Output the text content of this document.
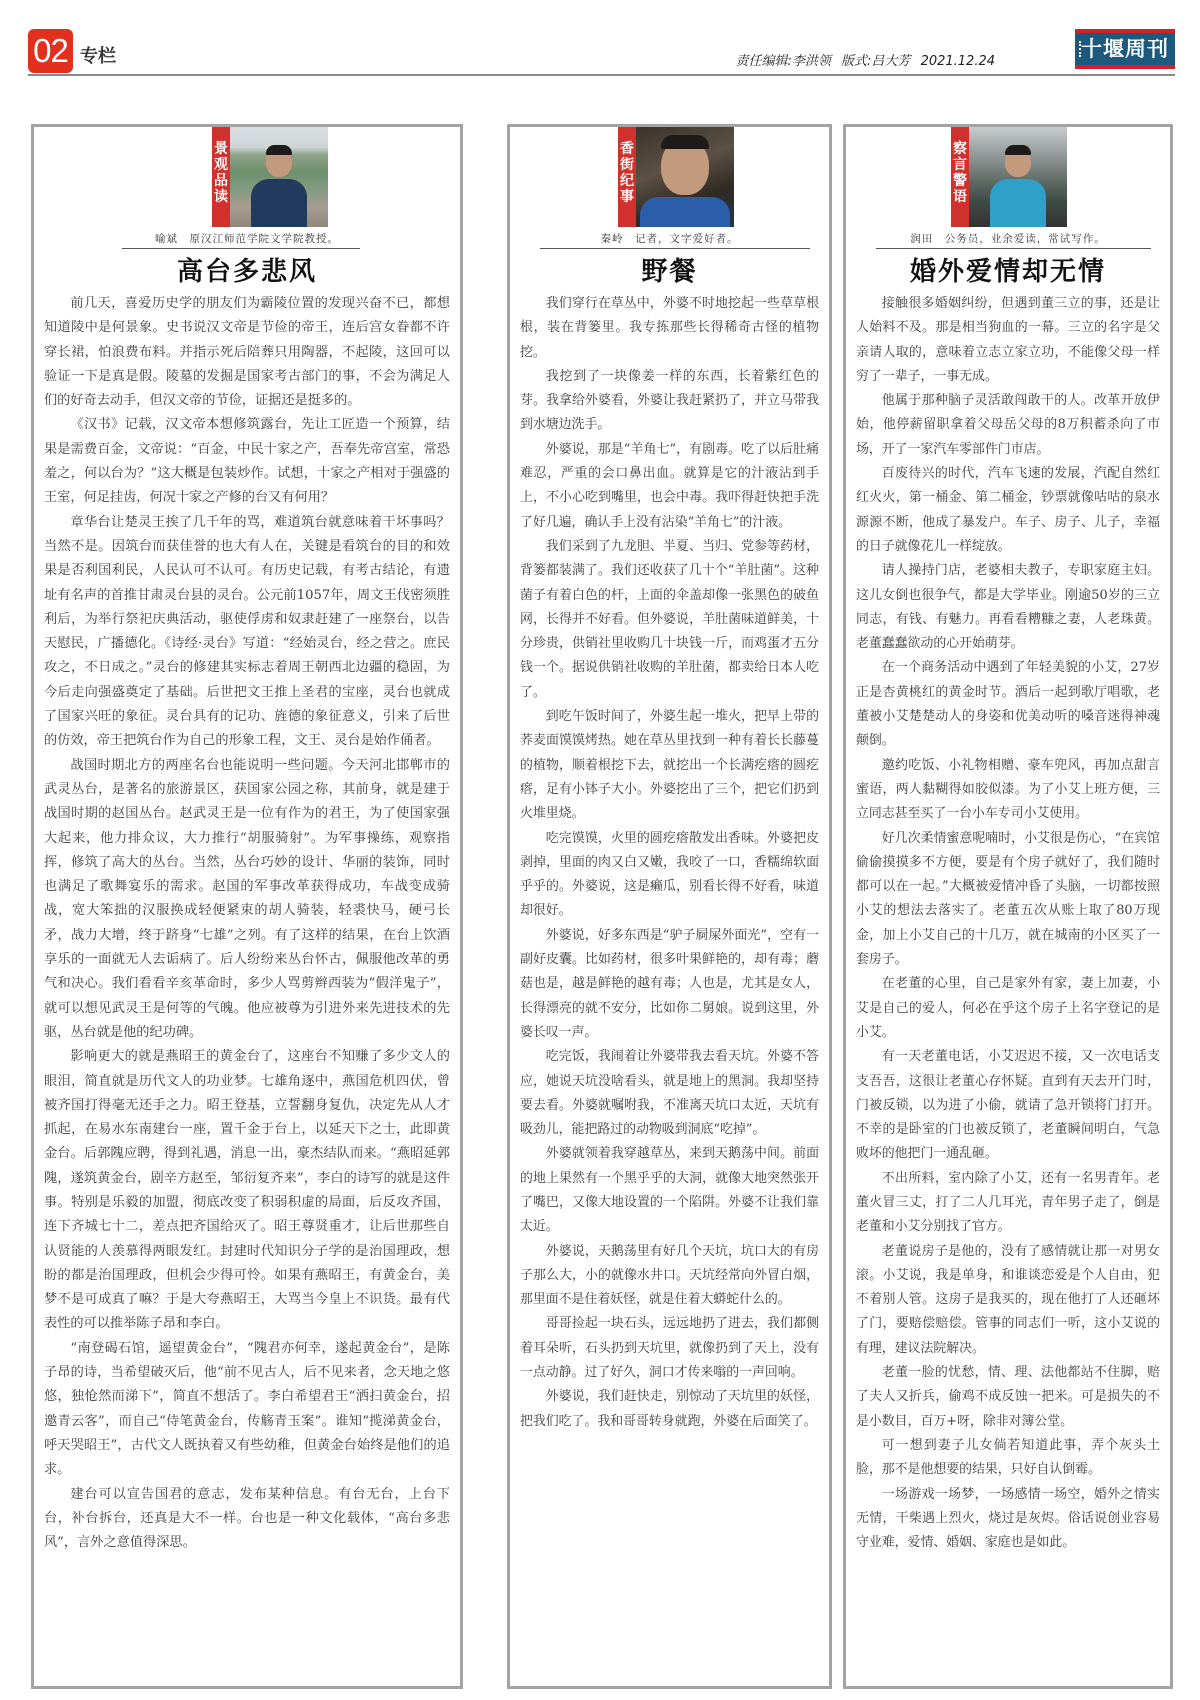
02 专栏	责任编辑:李洪领 版式:吕大芳 2021.12.24
十堰周刊
景观品读
喻斌　原汉江师范学院文学院教授。
高台多悲风

前几天，喜爱历史学的朋友们为霸陵位置的发现兴奋不已，都想知道陵中是何景象。史书说汉文帝是节俭的帝王，连后宫女眷都不许穿长裙，怕浪费布料。并指示死后陪葬只用陶器，不起陵，这回可以验证一下是真是假。陵墓的发掘是国家考古部门的事，不会为满足人们的好奇去动手，但汉文帝的节俭，证据还是挺多的。

《汉书》记载，汉文帝本想修筑露台，先让工匠造一个预算，结果是需费百金，文帝说：“百金，中民十家之产，吾奉先帝宫室，常恐羞之，何以台为？”这大概是包装炒作。试想，十家之产相对于强盛的王室，何足挂齿，何况十家之产修的台又有何用？

章华台让楚灵王挨了几千年的骂，难道筑台就意味着干坏事吗？当然不是。因筑台而获佳誉的也大有人在，关键是看筑台的目的和效果是否利国利民，人民认可不认可。有历史记载，有考古结论，有遗址有名声的首推甘肃灵台县的灵台。公元前1057年，周文王伐密须胜利后，为举行祭祀庆典活动，驱使俘虏和奴隶赶建了一座祭台，以告天慰民，广播德化。《诗经·灵台》写道：“经始灵台，经之营之。庶民攻之，不日成之。”灵台的修建其实标志着周王朝西北边疆的稳固，为今后走向强盛奠定了基础。后世把文王推上圣君的宝座，灵台也就成了国家兴旺的象征。灵台具有的记功、旌德的象征意义，引来了后世的仿效，帝王把筑台作为自己的形象工程，文王、灵台是始作俑者。

战国时期北方的两座名台也能说明一些问题。今天河北邯郸市的武灵丛台，是著名的旅游景区，获国家公园之称，其前身，就是建于战国时期的赵国丛台。赵武灵王是一位有作为的君王，为了使国家强大起来，他力排众议，大力推行“胡服骑射”。为军事操练，观察指挥，修筑了高大的丛台。当然，丛台巧妙的设计、华丽的装饰，同时也满足了歌舞宴乐的需求。赵国的军事改革获得成功，车战变成骑战，宽大笨拙的汉服换成轻便紧束的胡人骑装，轻裘快马，硬弓长矛，战力大增，终于跻身“七雄”之列。有了这样的结果，在台上饮酒享乐的一面就无人去诟病了。后人纷纷来丛台怀古，佩服他改革的勇气和决心。我们看看辛亥革命时，多少人骂剪辫西装为“假洋鬼子”，就可以想见武灵王是何等的气魄。他应被尊为引进外来先进技术的先驱，丛台就是他的纪功碑。

影响更大的就是燕昭王的黄金台了，这座台不知赚了多少文人的眼泪，简直就是历代文人的功业梦。七雄角逐中，燕国危机四伏，曾被齐国打得毫无还手之力。昭王登基，立誓翻身复仇，决定先从人才抓起，在易水东南建台一座，置千金于台上，以延天下之士，此即黄金台。后郭隗应聘，得到礼遇，消息一出，豪杰结队而来。“燕昭延郭隗，遂筑黄金台，剧辛方赵至，邹衍复齐来”，李白的诗写的就是这件事。特别是乐毅的加盟，彻底改变了积弱积虚的局面，后反攻齐国，连下齐城七十二，差点把齐国给灭了。昭王尊贤重才，让后世那些自认贤能的人羡慕得两眼发红。封建时代知识分子学的是治国理政，想盼的都是治国理政，但机会少得可怜。如果有燕昭王，有黄金台，美梦不是可成真了嘛？于是大夸燕昭王，大骂当今皇上不识货。最有代表性的可以推举陈子昂和李白。

“南登碣石馆，遥望黄金台”，“隗君亦何幸，遂起黄金台”，是陈子昂的诗，当希望破灭后，他“前不见古人，后不见来者，念天地之悠悠，独怆然而涕下”，简直不想活了。李白希望君王“洒扫黄金台，招邀青云客”，而自己“侍笔黄金台，传觞青玉案”。谁知“揽涕黄金台，呼天哭昭王”，古代文人既执着又有些幼稚，但黄金台始终是他们的追求。

建台可以宣告国君的意志，发布某种信息。有台无台，上台下台，补台拆台，还真是大不一样。台也是一种文化载体，“高台多悲风”，言外之意值得深思。

香街纪事
秦岭　记者，文字爱好者。
野餐

我们穿行在草丛中，外婆不时地挖起一些草草根根，装在背篓里。我专拣那些长得稀奇古怪的植物挖。

我挖到了一块像姜一样的东西，长着紫红色的芽。我拿给外婆看，外婆让我赶紧扔了，并立马带我到水塘边洗手。

外婆说，那是“羊角七”，有剧毒。吃了以后肚痛难忍，严重的会口鼻出血。就算是它的汁液沾到手上，不小心吃到嘴里，也会中毒。我吓得赶快把手洗了好几遍，确认手上没有沾染“羊角七”的汁液。

我们采到了九龙胆、半夏、当归、党参等药材，背篓都装满了。我们还收获了几十个“羊肚菌”。这种菌子有着白色的杆，上面的伞盖却像一张黑色的破鱼网，长得并不好看。但外婆说，羊肚菌味道鲜美，十分珍贵，供销社里收购几十块钱一斤，而鸡蛋才五分钱一个。据说供销社收购的羊肚菌，都卖给日本人吃了。

到吃午饭时间了，外婆生起一堆火，把早上带的荞麦面馍馍烤热。她在草丛里找到一种有着长长藤蔓的植物，顺着根挖下去，就挖出一个长满疙瘩的圆疙瘩，足有小钵子大小。外婆挖出了三个，把它们扔到火堆里烧。

吃完馍馍，火里的圆疙瘩散发出香味。外婆把皮剥掉，里面的肉又白又嫩，我咬了一口，香糯绵软面乎乎的。外婆说，这是癞瓜，别看长得不好看，味道却很好。

外婆说，好多东西是“驴子屙屎外面光”，空有一副好皮囊。比如药材，很多叶果鲜艳的，却有毒；蘑菇也是，越是鲜艳的越有毒；人也是，尤其是女人，长得漂亮的就不安分，比如你二舅娘。说到这里，外婆长叹一声。

吃完饭，我闹着让外婆带我去看天坑。外婆不答应，她说天坑没啥看头，就是地上的黑洞。我却坚持要去看。外婆就嘱咐我，不准离天坑口太近，天坑有吸劲儿，能把路过的动物吸到洞底“吃掉”。

外婆就领着我穿越草丛，来到天鹅荡中间。前面的地上果然有一个黑乎乎的大洞，就像大地突然张开了嘴巴，又像大地设置的一个陷阱。外婆不让我们靠太近。

外婆说，天鹅荡里有好几个天坑，坑口大的有房子那么大，小的就像水井口。天坑经常向外冒白烟，那里面不是住着妖怪，就是住着大蟒蛇什么的。

哥哥捡起一块石头，远远地扔了进去，我们都侧着耳朵听，石头扔到天坑里，就像扔到了天上，没有一点动静。过了好久，洞口才传来嗡的一声回响。

外婆说，我们赶快走，别惊动了天坑里的妖怪，把我们吃了。我和哥哥转身就跑，外婆在后面笑了。

察言警语
润田　公务员，业余爱读，常试写作。
婚外爱情却无情

接触很多婚姻纠纷，但遇到董三立的事，还是让人始料不及。那是相当狗血的一幕。三立的名字是父亲请人取的，意味着立志立家立功，不能像父母一样穷了一辈子，一事无成。

他属于那种脑子灵活敢闯敢干的人。改革开放伊始，他停薪留职拿着父母岳父母的8万积蓄杀向了市场，开了一家汽车零部件门市店。

百废待兴的时代，汽车飞速的发展，汽配自然红红火火，第一桶金、第二桶金，钞票就像咕咕的泉水源源不断，他成了暴发户。车子、房子、儿子，幸福的日子就像花儿一样绽放。

请人操持门店，老婆相夫教子，专职家庭主妇。这儿女倒也很争气，都是大学毕业。刚逾50岁的三立同志，有钱、有魅力。再看看糟糠之妻，人老珠黄。老董蠢蠢欲动的心开始萌芽。

在一个商务活动中遇到了年轻美貌的小艾，27岁正是杏黄桃红的黄金时节。酒后一起到歌厅唱歌，老董被小艾楚楚动人的身姿和优美动听的嗓音迷得神魂颠倒。

邀约吃饭、小礼物相赠、豪车兜风，再加点甜言蜜语，两人黏糊得如胶似漆。为了小艾上班方便，三立同志甚至买了一台小车专司小艾使用。

好几次柔情蜜意呢喃时，小艾很是伤心，“在宾馆偷偷摸摸多不方便，要是有个房子就好了，我们随时都可以在一起。”大概被爱情冲昏了头脑，一切都按照小艾的想法去落实了。老董五次从账上取了80万现金，加上小艾自己的十几万，就在城南的小区买了一套房子。

在老董的心里，自己是家外有家，妻上加妻，小艾是自己的爱人，何必在乎这个房子上名字登记的是小艾。

有一天老董电话，小艾迟迟不接，又一次电话支支吾吾，这很让老董心存怀疑。直到有天去开门时，门被反锁，以为进了小偷，就请了急开锁将门打开。不幸的是卧室的门也被反锁了，老董瞬间明白，气急败坏的他把门一通乱砸。

不出所料，室内除了小艾，还有一名男青年。老董火冒三丈，打了二人几耳光，青年男子走了，倒是老董和小艾分别找了官方。

老董说房子是他的，没有了感情就让那一对男女滚。小艾说，我是单身，和谁谈恋爱是个人自由，犯不着别人管。这房子是我买的，现在他打了人还砸坏了门，要赔偿赔偿。管事的同志们一听，这小艾说的有理，建议法院解决。

老董一脸的忧愁，情、理、法他都站不住脚，赔了夫人又折兵，偷鸡不成反蚀一把米。可是损失的不是小数目，百万+呀，除非对簿公堂。

可一想到妻子儿女倘若知道此事，弄个灰头土脸，那不是他想要的结果，只好自认倒霉。

一场游戏一场梦，一场感情一场空，婚外之情实无情，干柴遇上烈火，烧过是灰烬。俗话说创业容易守业难，爱情、婚姻、家庭也是如此。
